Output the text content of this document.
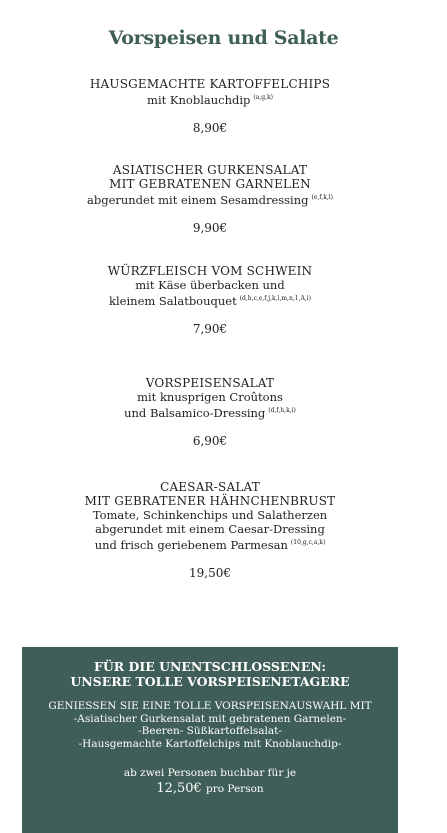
Vorspeisen und Salate
HAUSGEMACHTE KARTOFFELCHIPS
mit Knoblauchdip $^{(a,g,k)}$
8,90€
ASIATISCHER GURKENSALAT
MIT GEBRATENEN GARNELEN
abgerundet mit einem Sesamdressing $^{(e,f,k,l)}$
9,90€
WÜRZFLEISCH VOM SCHWEIN
mit Käse überbacken und
kleinem Salatbouquet $^{(d,h,c,e,f,j,k,l,m,n,1,A,i)}$
7,90€
VORSPEISENSALAT
mit knusprigen Croûtons
und Balsamico-Dressing $^{(d,f,h,k,i)}$
6,90€
CAESAR-SALAT
MIT GEBRATENER HÄHNCHENBRUST
Tomate, Schinkenchips und Salatherzen
abgerundet mit einem Caesar-Dressing
und frisch geriebenem Parmesan $^{(10,g,c,a,k)}$
19,50€
FÜR DIE UNENTSCHLOSSENEN:
UNSERE TOLLE VORSPEISENETAGERE
GENIESSEN SIE EINE TOLLE VORSPEISENAUSWAHL MIT
-Asiatischer Gurkensalat mit gebratenen Garnelen-
-Beeren- Süßkartoffelsalat-
-Hausgemachte Kartoffelchips mit Knoblauchdip-
ab zwei Personen buchbar für je
12,50€ pro Person
